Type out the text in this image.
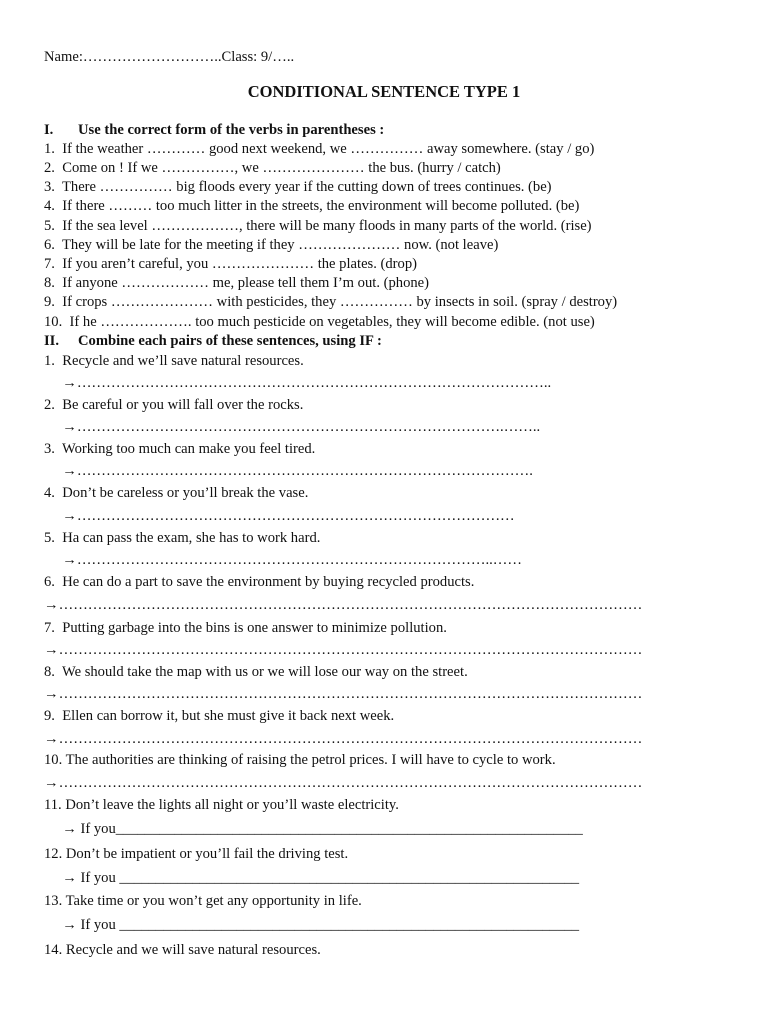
Name:………………………..Class: 9/…..
CONDITIONAL SENTENCE TYPE 1
I. Use the correct form of the verbs in parentheses :
1.  If the weather ………… good next weekend, we …………… away somewhere. (stay / go)
2.  Come on ! If we ……………, we ………………… the bus. (hurry / catch)
3.  There …………… big floods every year if the cutting down of trees continues. (be)
4.  If there ……… too much litter in the streets, the environment will become polluted. (be)
5.  If the sea level ………………, there will be many floods in many parts of the world. (rise)
6.  They will be late for the meeting if they ………………… now. (not leave)
7.  If you aren’t careful, you ………………… the plates. (drop)
8.  If anyone ……………… me, please tell them I’m out. (phone)
9.  If crops ………………… with pesticides, they …………… by insects in soil. (spray / destroy)
10.  If he ………………. too much pesticide on vegetables, they will become edible. (not use)
II. Combine each pairs of these sentences, using IF :
1.  Recycle and we’ll save natural resources.
→……………………………………………………………………………………..
2.  Be careful or you will fall over the rocks.
→…………………………………………………………………………….……..
3.  Working too much can make you feel tired.
→………………………………………………………………………………….
4.  Don’t be careless or you’ll break the vase.
→………………………………………………………………………………
5.  Ha can pass the exam, she has to work hard.
→…………………………………………………………………………..……
6.  He can do a part to save the environment by buying recycled products.
→…………………………………………………………………………………………………………
7.  Putting garbage into the bins is one answer to minimize pollution.
→…………………………………………………………………………………………………………
8.  We should take the map with us or we will lose our way on the street.
→…………………………………………………………………………………………………………
9.  Ellen can borrow it, but she must give it back next week.
→…………………………………………………………………………………………………………
10. The authorities are thinking of raising the petrol prices. I will have to cycle to work.
→…………………………………………………………………………………………………………
11. Don’t leave the lights all night or you’ll waste electricity.
→ If you________________________________________________________________
12. Don’t be impatient or you’ll fail the driving test.
→ If you _______________________________________________________________
13. Take time or you won’t get any opportunity in life.
→ If you _______________________________________________________________
14. Recycle and we will save natural resources.
